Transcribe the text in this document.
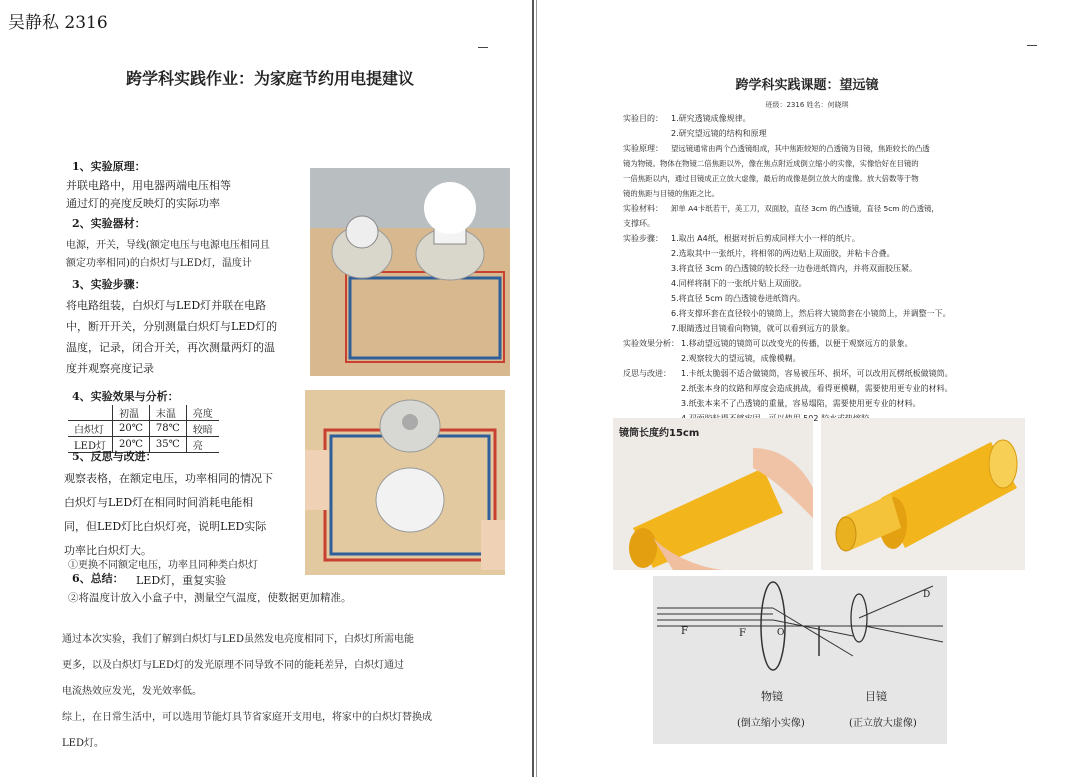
吴静私 2316
跨学科实践作业：为家庭节约用电提建议
1、实验原理：
并联电路中，用电器两端电压相等
通过灯的亮度反映灯的实际功率
2、实验器材：
电源，开关，导线(额定电压与电源电压相同且
额定功率相同)的白炽灯与LED灯，温度计
3、实验步骤：
将电路组装，白炽灯与LED灯并联在电路
中，断开开关，分别测量白炽灯与LED灯的
温度，记录，闭合开关，再次测量两灯的温
度并观察亮度记录
4、实验效果与分析：
	初温	末温	亮度
白炽灯	20℃	78℃	较暗
LED灯	20℃	35℃	亮
5、反思与改进：
观察表格，在额定电压，功率相同的情况下
白炽灯与LED灯在相同时间消耗电能相
同，但LED灯比白炽灯亮，说明LED实际
功率比白炽灯大。
①更换不同额定电压，功率且同种类白炽灯
6、总结： LED灯，重复实验
②将温度计放入小盒子中，测量空气温度，使数据更加精准。
通过本次实验，我们了解到白炽灯与LED虽然发电亮度相同下，白炽灯所需电能
更多，以及白炽灯与LED灯的发光原理不同导致不同的能耗差异，白炽灯通过
电流热效应发光，发光效率低。
综上，在日常生活中，可以选用节能灯具节省家庭开支用电，将家中的白炽灯替换成
LED灯。
跨学科实践课题：望远镜
班级：2316 姓名：何晓琪
实验目的： 1.研究透镜成像规律。
2.研究望远镜的结构和原理
实验原理： 望远镜通常由两个凸透镜组成，其中焦距较短的凸透镜为目镜，焦距较长的凸透
镜为物镜。物体在物镜二倍焦距以外，像在焦点附近成倒立缩小的实像，实像恰好在目镜的
一倍焦距以内，通过目镜成正立放大虚像，最后的成像是倒立放大的虚像。放大倍数等于物
镜的焦距与目镜的焦距之比。
实验材料： 卸单 A4卡纸若干，美工刀，双面胶，直径 3cm 的凸透镜，直径 5cm 的凸透镜，
支撑环。
实验步骤： 1.取出 A4纸，根据对折后剪成同样大小一样的纸片。
2.选取其中一张纸片，将相邻的两边贴上双面胶，并粘卡合叠。
3.将直径 3cm 的凸透镜的较长经一边卷进纸筒内，并将双面胶压紧。
4.同样将制下的一张纸片贴上双面胶。
5.将直径 5cm 的凸透镜卷进纸筒内。
6.将支撑环套在直径较小的镜筒上，然后将大镜筒套在小镜筒上，并调整一下。
7.眼睛透过目镜看向物镜，就可以看到远方的景象。
实验效果分析： 1.移动望远镜的镜筒可以改变光的传播，以便于观察远方的景象。
2.观察较大的望远镜，成像模糊。
反思与改进： 1.卡纸太脆弱不适合做镜筒，容易被压坏、损坏，可以改用瓦楞纸板做镜筒。
2.纸张本身的纹路和厚度会造成挑战，看得更模糊，需要使用更专业的材料。
3.纸张本来不了凸透镜的重量，容易塌陷，需要使用更专业的材料。
镜筒长度约15cm
F	F	O
D
物镜
(倒立缩小实像)
目镜
(正立放大虚像)
